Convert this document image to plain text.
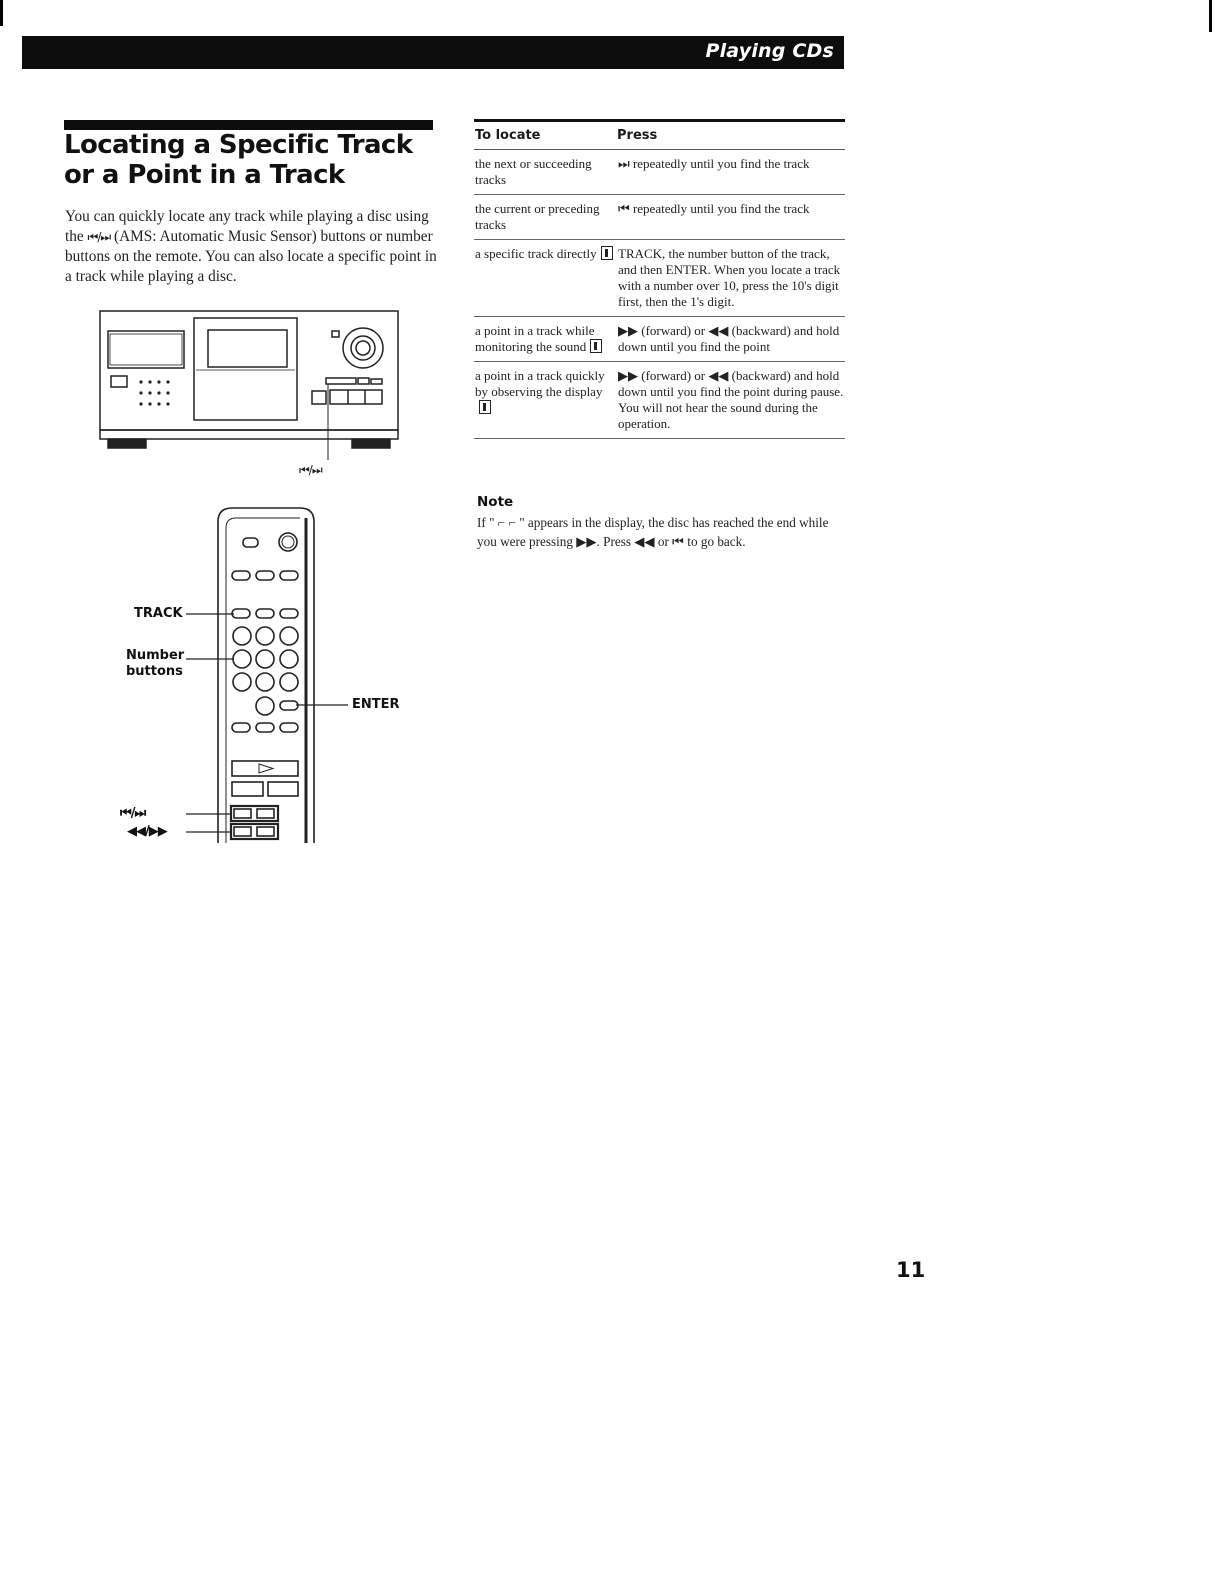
Playing CDs
Locating a Specific Track or a Point in a Track

You can quickly locate any track while playing a disc using the ⏮/⏭ (AMS: Automatic Music Sensor) buttons or number buttons on the remote. You can also locate a specific point in a track while playing a disc.

⏮/⏭
TRACK
Number buttons
ENTER
⏮/⏭
◀◀/▶▶
To locate	Press
the next or succeeding tracks	⏭ repeatedly until you find the track
the current or preceding tracks	⏮ repeatedly until you find the track
a specific track directly	TRACK, the number button of the track, and then ENTER. When you locate a track with a number over 10, press the 10's digit first, then the 1's digit.
a point in a track while monitoring the sound	▶▶ (forward) or ◀◀ (backward) and hold down until you find the point
a point in a track quickly by observing the display	▶▶ (forward) or ◀◀ (backward) and hold down until you find the point during pause. You will not hear the sound during the operation.
Note

If " ⌐ ⌐ " appears in the display, the disc has reached the end while you were pressing ▶▶. Press ◀◀ or ⏮ to go back.

11
